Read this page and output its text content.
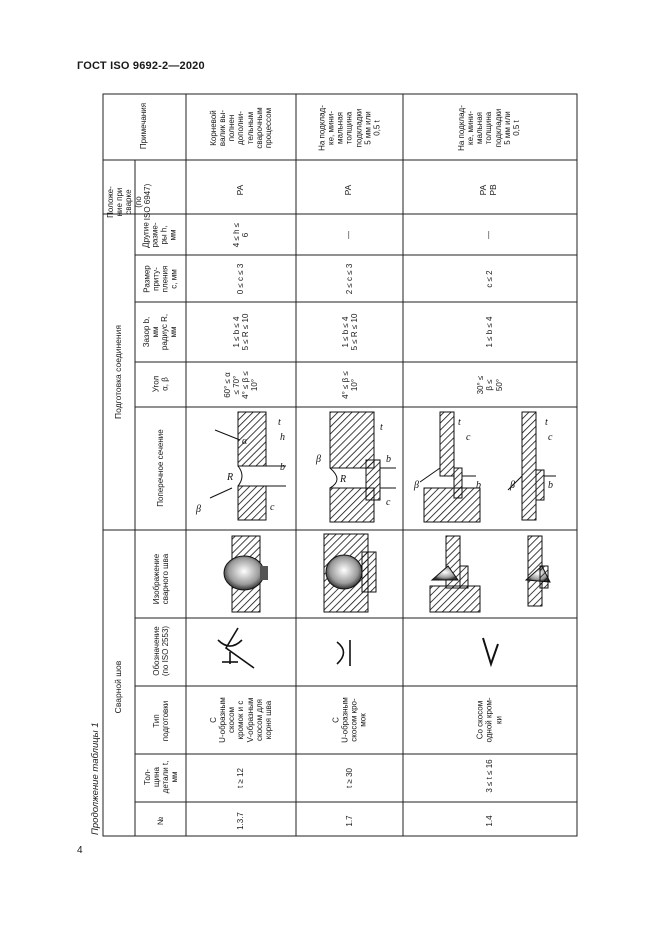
ГОСТ ISO 9692-2—2020
4
Продолжение таблицы 1
Сварной шов
Подготовка соединения
№
Тол-
щина
детали t,
мм
Тип
подготовки
Обозначение
(по ISO 2553)
Изображение
сварного шва
Поперечное сечение
Угол
α, β
Зазор b,
мм
радиус R,
мм
Размер
приту-
пления
c, мм
Другие
разме-
ры h,
мм
Положе-
ние при
сварке
(по
ISO 6947)
Примечания
1.3.7
t ≥ 12
С
U-образным
скосом
кромок и с
V-образным
скосом для
корня шва
60° ≤ α
≤ 70°
4° ≤ β ≤
10°
1 ≤ b ≤ 4
5 ≤ R ≤ 10
0 ≤ c ≤ 3
4 ≤ h ≤
6
PA
Корневой
валик вы-
полнен
дополни-
тельным
сварочным
процессом
1.7
t ≥ 30
С
U-образным
скосом кро-
мок
4° ≤ β ≤
10°
1 ≤ b ≤ 4
5 ≤ R ≤ 10
2 ≤ c ≤ 3
—
PA
На подклад-
ке, мини-
мальная
толщина
подкладки
5 мм или
0,5 t
1.4
3 ≤ t ≤ 16
Со скосом
одной кром-
ки
30° ≤
β ≤
50°
1 ≤ b ≤ 4
c ≤ 2
—
PA
PB
На подклад-
ке, мини-
мальная
толщина
подкладки
5 мм или
0,5 t
β
R
α
b
c
h
t
β
R
b
c
t
β	b
c
t
β	b
c
t
